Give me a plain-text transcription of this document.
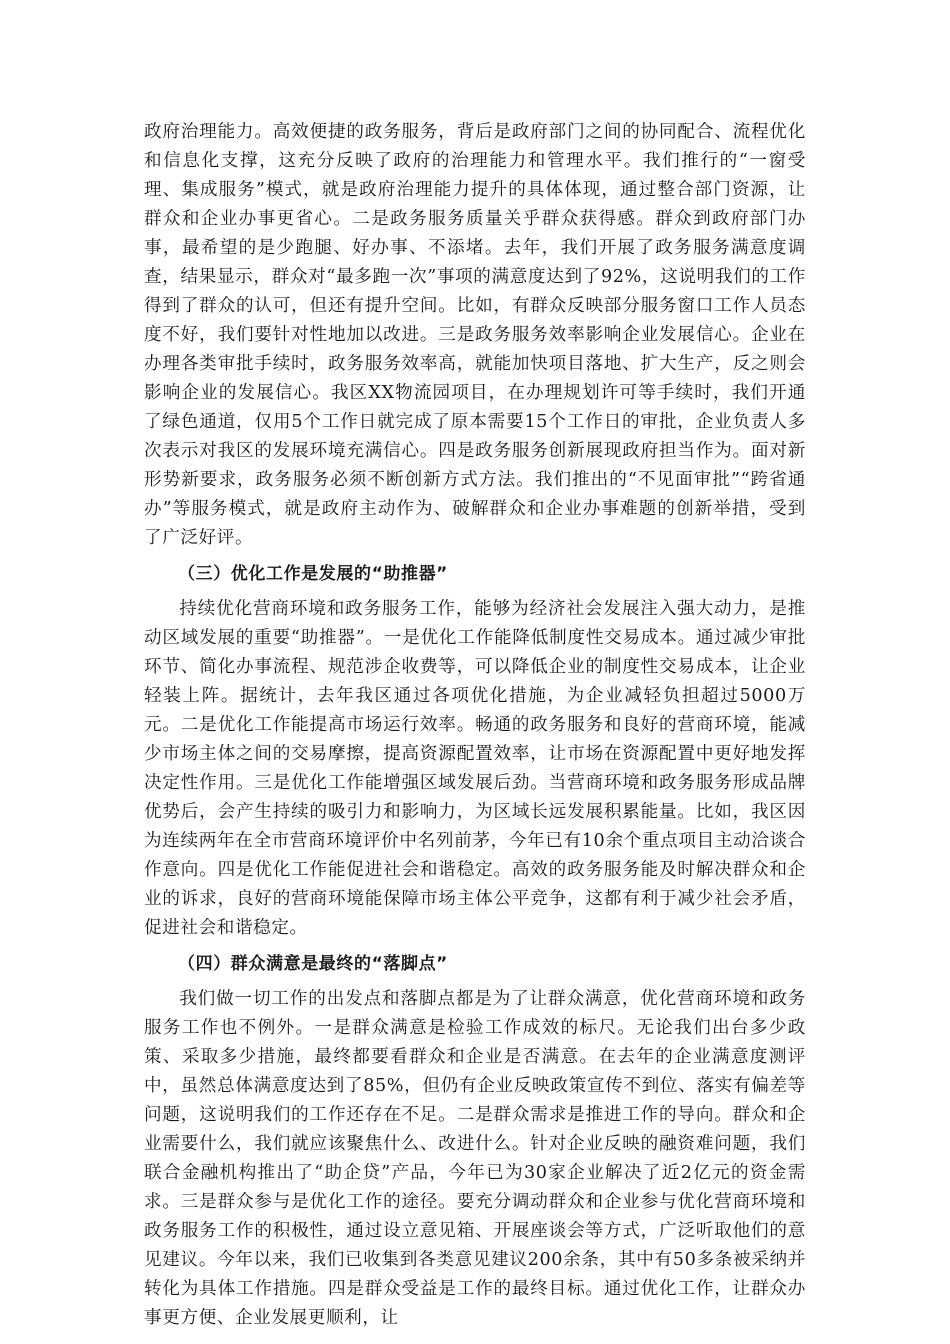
政府治理能力。高效便捷的政务服务，背后是政府部门之间的协同配合、流程优化和信息化支撑，这充分反映了政府的治理能力和管理水平。我们推行的“一窗受理、集成服务”模式，就是政府治理能力提升的具体体现，通过整合部门资源，让群众和企业办事更省心。二是政务服务质量关乎群众获得感。群众到政府部门办事，最希望的是少跑腿、好办事、不添堵。去年，我们开展了政务服务满意度调查，结果显示，群众对“最多跑一次”事项的满意度达到了92%，这说明我们的工作得到了群众的认可，但还有提升空间。比如，有群众反映部分服务窗口工作人员态度不好，我们要针对性地加以改进。三是政务服务效率影响企业发展信心。企业在办理各类审批手续时，政务服务效率高，就能加快项目落地、扩大生产，反之则会影响企业的发展信心。我区XX物流园项目，在办理规划许可等手续时，我们开通了绿色通道，仅用5个工作日就完成了原本需要15个工作日的审批，企业负责人多次表示对我区的发展环境充满信心。四是政务服务创新展现政府担当作为。面对新形势新要求，政务服务必须不断创新方式方法。我们推出的“不见面审批”“跨省通办”等服务模式，就是政府主动作为、破解群众和企业办事难题的创新举措，受到了广泛好评。

（三）优化工作是发展的“助推器”

持续优化营商环境和政务服务工作，能够为经济社会发展注入强大动力，是推动区域发展的重要“助推器”。一是优化工作能降低制度性交易成本。通过减少审批环节、简化办事流程、规范涉企收费等，可以降低企业的制度性交易成本，让企业轻装上阵。据统计，去年我区通过各项优化措施，为企业减轻负担超过5000万元。二是优化工作能提高市场运行效率。畅通的政务服务和良好的营商环境，能减少市场主体之间的交易摩擦，提高资源配置效率，让市场在资源配置中更好地发挥决定性作用。三是优化工作能增强区域发展后劲。当营商环境和政务服务形成品牌优势后，会产生持续的吸引力和影响力，为区域长远发展积累能量。比如，我区因为连续两年在全市营商环境评价中名列前茅，今年已有10余个重点项目主动洽谈合作意向。四是优化工作能促进社会和谐稳定。高效的政务服务能及时解决群众和企业的诉求，良好的营商环境能保障市场主体公平竞争，这都有利于减少社会矛盾，促进社会和谐稳定。

（四）群众满意是最终的“落脚点”

我们做一切工作的出发点和落脚点都是为了让群众满意，优化营商环境和政务服务工作也不例外。一是群众满意是检验工作成效的标尺。无论我们出台多少政策、采取多少措施，最终都要看群众和企业是否满意。在去年的企业满意度测评中，虽然总体满意度达到了85%，但仍有企业反映政策宣传不到位、落实有偏差等问题，这说明我们的工作还存在不足。二是群众需求是推进工作的导向。群众和企业需要什么，我们就应该聚焦什么、改进什么。针对企业反映的融资难问题，我们联合金融机构推出了“助企贷”产品，今年已为30家企业解决了近2亿元的资金需求。三是群众参与是优化工作的途径。要充分调动群众和企业参与优化营商环境和政务服务工作的积极性，通过设立意见箱、开展座谈会等方式，广泛听取他们的意见建议。今年以来，我们已收集到各类意见建议200余条，其中有50多条被采纳并转化为具体工作措施。四是群众受益是工作的最终目标。通过优化工作，让群众办事更方便、企业发展更顺利，让
